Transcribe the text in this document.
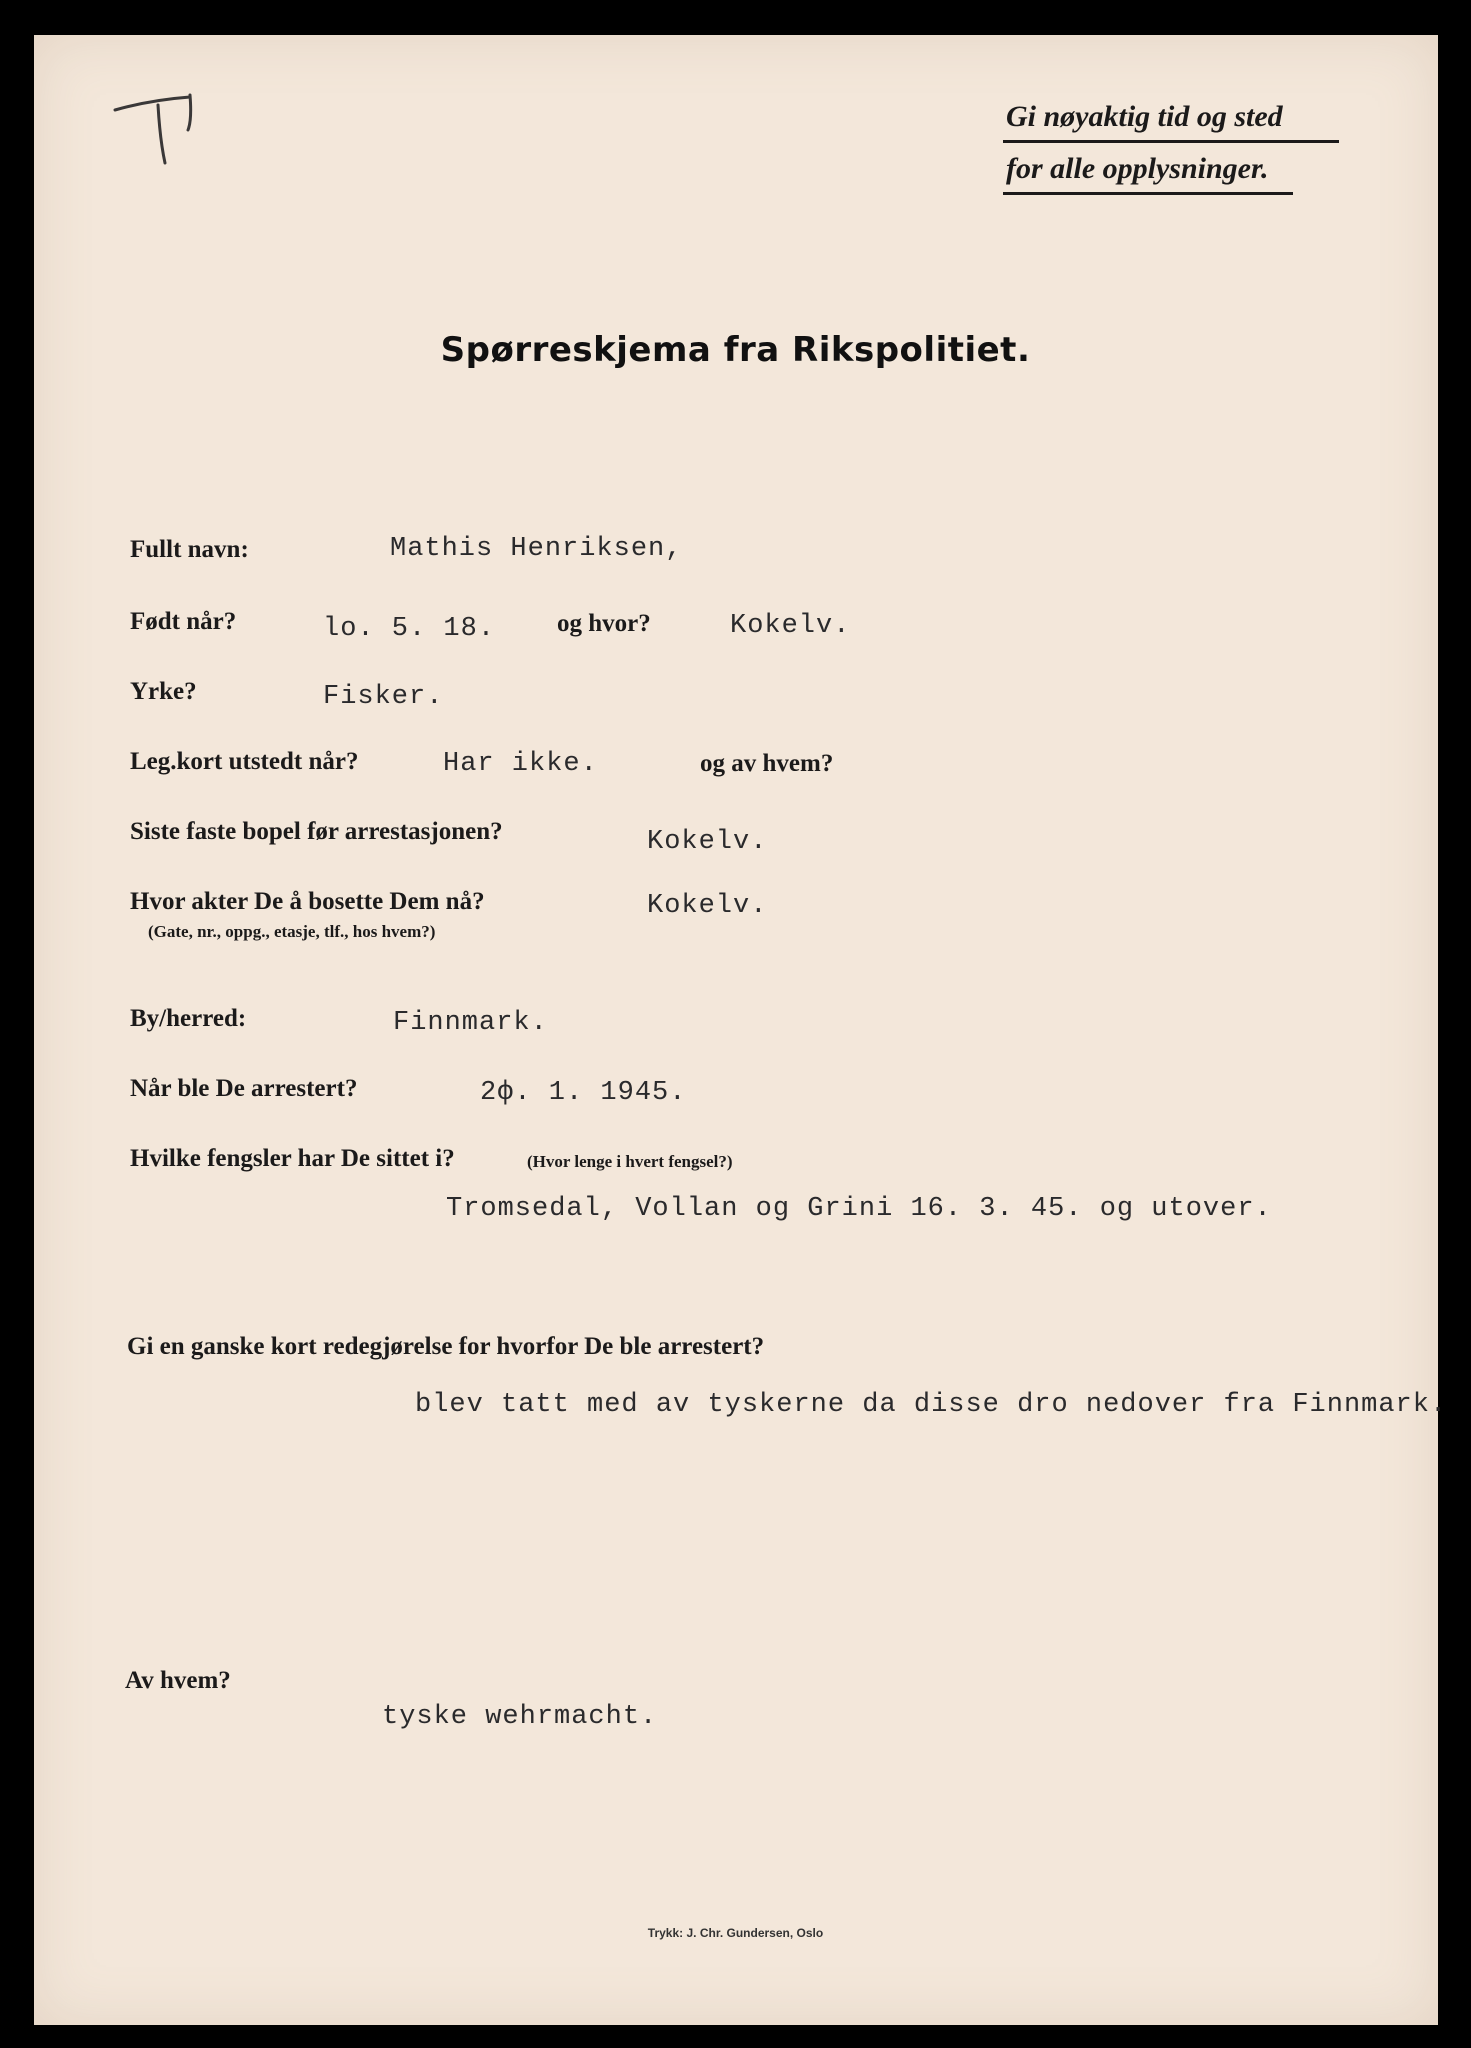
Gi nøyaktig tid og sted
for alle opplysninger.
Spørreskjema fra Rikspolitiet.
Fullt navn:	Mathis Henriksen,
Født når?	lo. 5. 18. og hvor?	Kokelv.
Yrke?	Fisker.
Leg.kort utstedt når?	Har ikke.	og av hvem?
Siste faste bopel før arrestasjonen?	Kokelv.
Hvor akter De å bosette Dem nå?
(Gate, nr., oppg., etasje, tlf., hos hvem?)
Kokelv.
By/herred:	Finnmark.
Når ble De arrestert?	2ф. 1. 1945.
Hvilke fengsler har De sittet i?	(Hvor lenge i hvert fengsel?)
Tromsedal, Vollan og Grini 16. 3. 45. og utover.
Gi en ganske kort redegjørelse for hvorfor De ble arrestert?
blev tatt med av tyskerne da disse dro nedover fra Finnmark.
Av hvem?
tyske wehrmacht.
Trykk: J. Chr. Gundersen, Oslo
